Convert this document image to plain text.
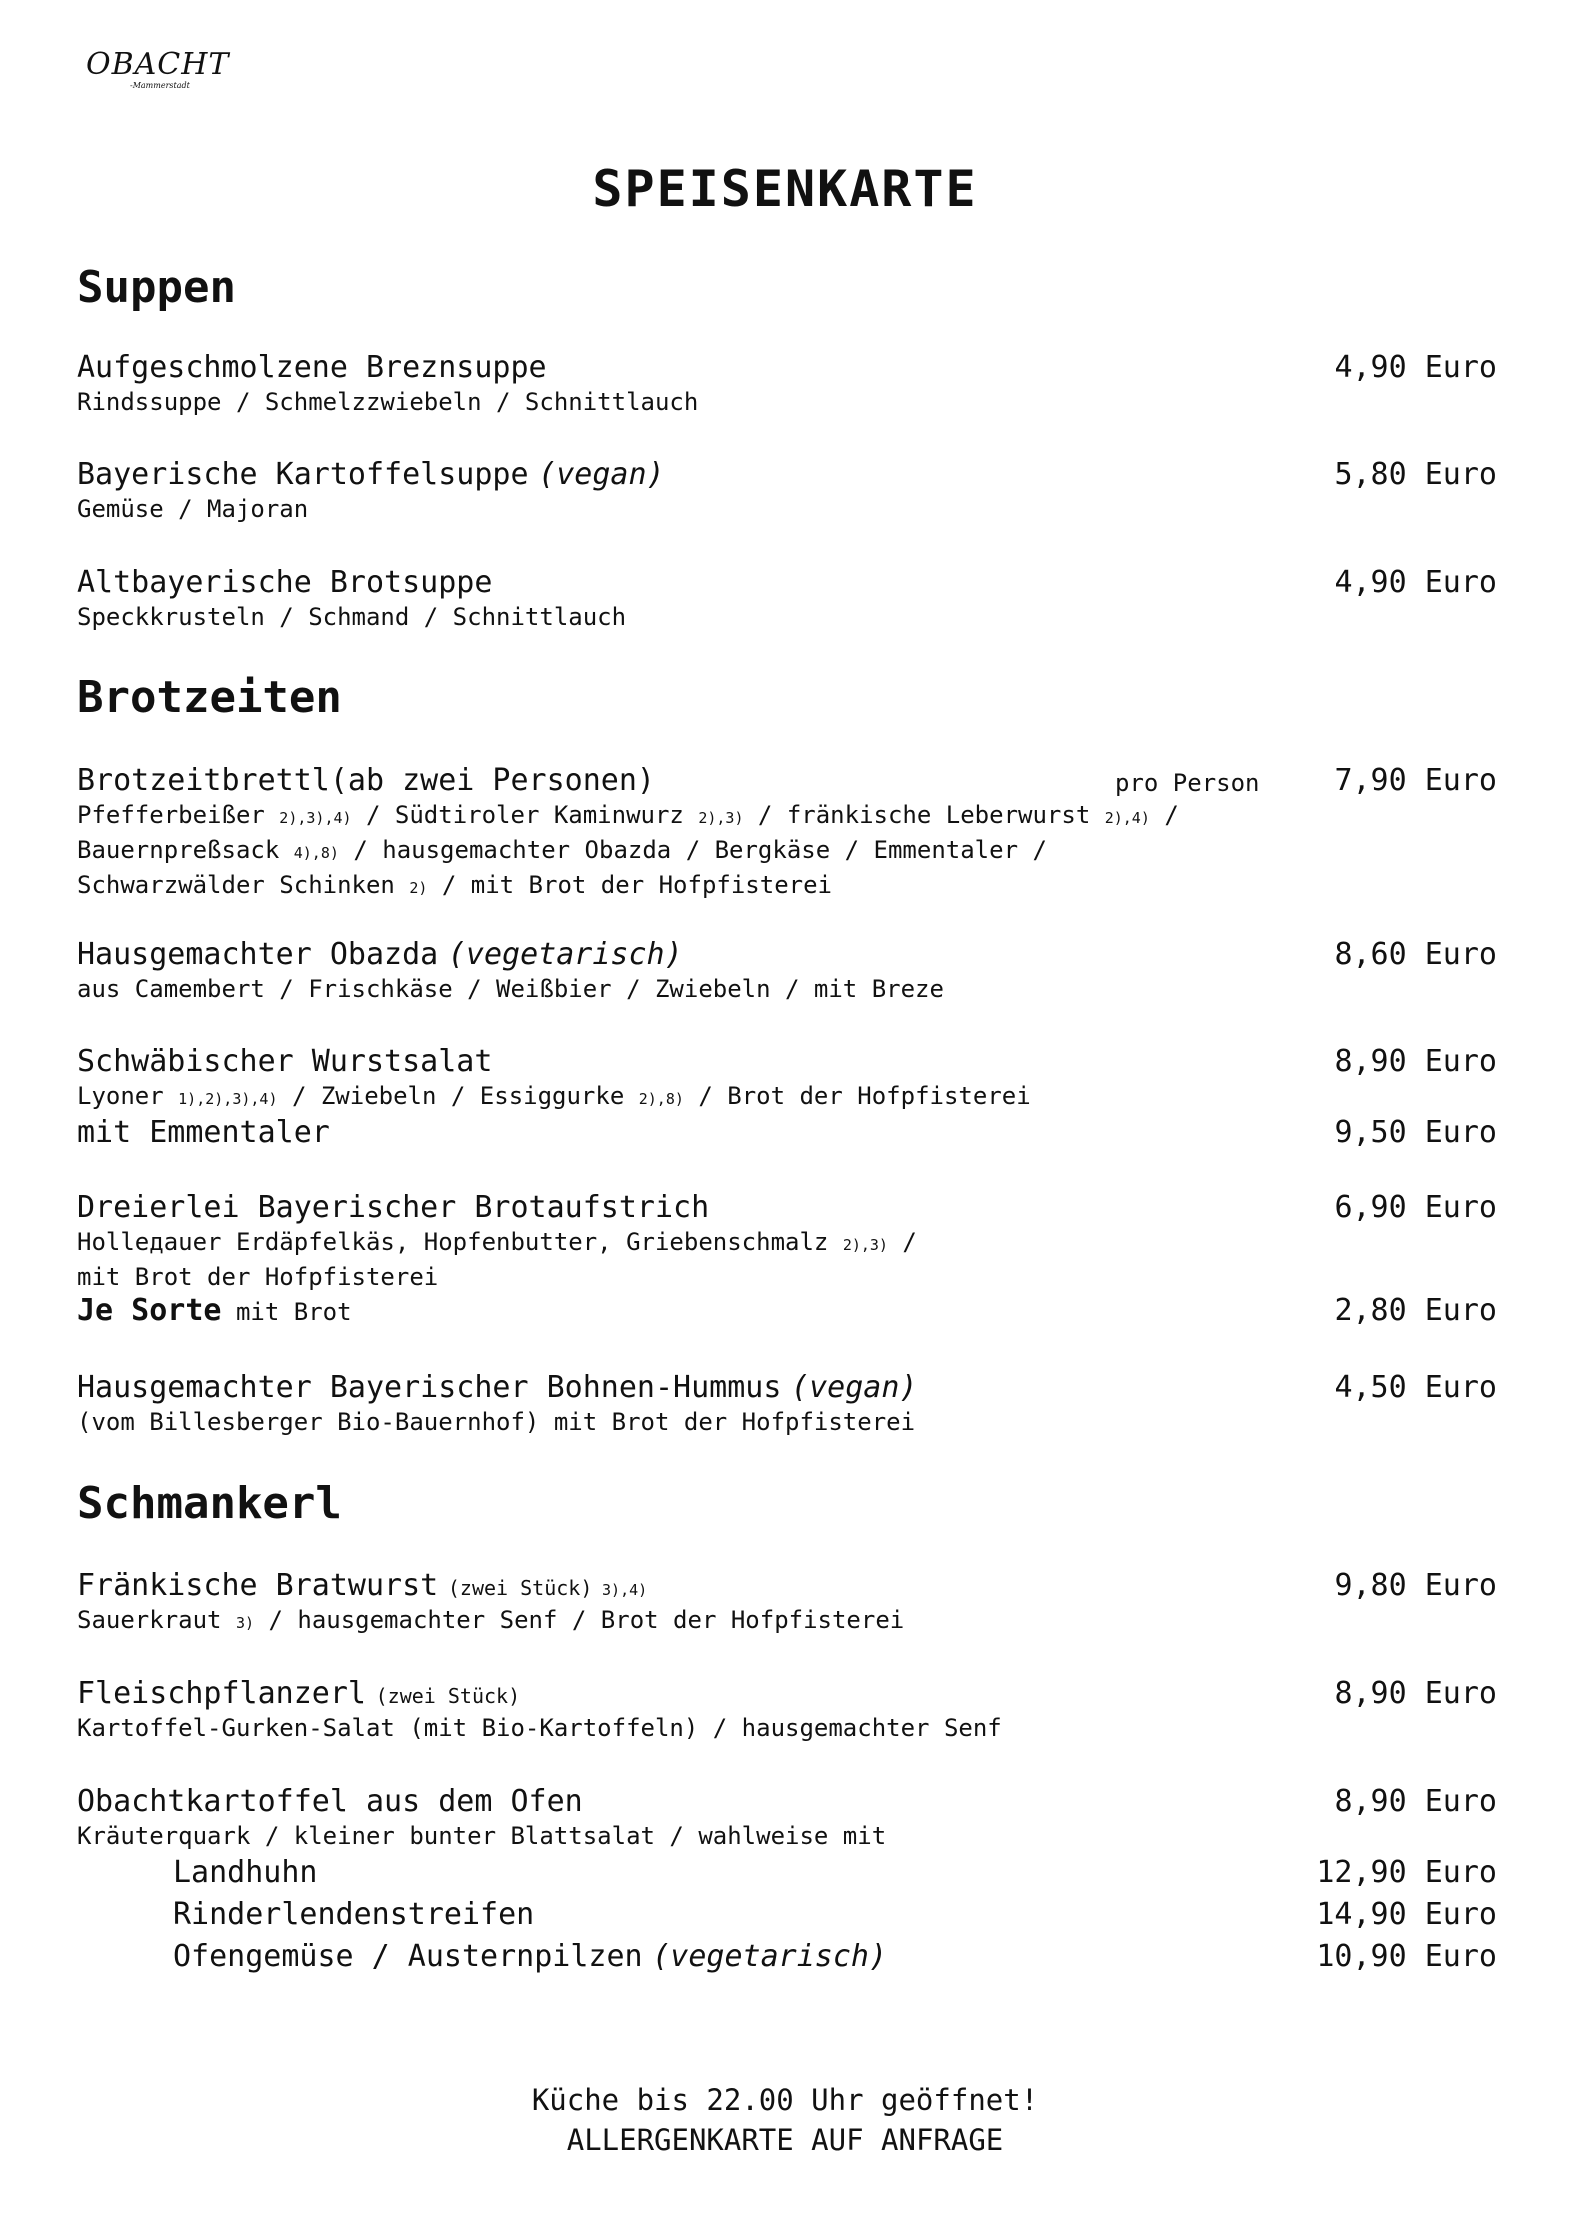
OBACHT
-Mammerstadt
SPEISENKARTE
Suppen
Aufgeschmolzene Breznsuppe	4,90 Euro
Rindssuppe / Schmelzzwiebeln / Schnittlauch
Bayerische Kartoffelsuppe (vegan)	5,80 Euro
Gemüse / Majoran
Altbayerische Brotsuppe	4,90 Euro
Speckkrusteln / Schmand / Schnittlauch
Brotzeiten
Brotzeitbrettl(ab zwei Personen)	pro Person 7,90 Euro
Pfefferbeißer 2),3),4) / Südtiroler Kaminwurz 2),3) / fränkische Leberwurst 2),4) /
Bauernpreßsack 4),8) / hausgemachter Obazda / Bergkäse / Emmentaler /
Schwarzwälder Schinken 2) / mit Brot der Hofpfisterei
Hausgemachter Obazda (vegetarisch)	8,60 Euro
aus Camembert / Frischkäse / Weißbier / Zwiebeln / mit Breze
Schwäbischer Wurstsalat	8,90 Euro
Lyoner 1),2),3),4) / Zwiebeln / Essiggurke 2),8) / Brot der Hofpfisterei
mit Emmentaler	9,50 Euro
Dreierlei Bayerischer Brotaufstrich	6,90 Euro
Hollедauer Erdäpfelkäs, Hopfenbutter, Griebenschmalz 2),3) /
mit Brot der Hofpfisterei
Je Sorte mit Brot	2,80 Euro
Hausgemachter Bayerischer Bohnen-Hummus (vegan)	4,50 Euro
(vom Billesberger Bio-Bauernhof) mit Brot der Hofpfisterei
Schmankerl
Fränkische Bratwurst (zwei Stück) 3),4)	9,80 Euro
Sauerkraut 3) / hausgemachter Senf / Brot der Hofpfisterei
Fleischpflanzerl (zwei Stück)	8,90 Euro
Kartoffel-Gurken-Salat (mit Bio-Kartoffeln) / hausgemachter Senf
Obachtkartoffel aus dem Ofen	8,90 Euro
Kräuterquark / kleiner bunter Blattsalat / wahlweise mit
Landhuhn	12,90 Euro
Rinderlendenstreifen	14,90 Euro
Ofengemüse / Austernpilzen (vegetarisch)	10,90 Euro
Küche bis 22.00 Uhr geöffnet!
ALLERGENKARTE AUF ANFRAGE
